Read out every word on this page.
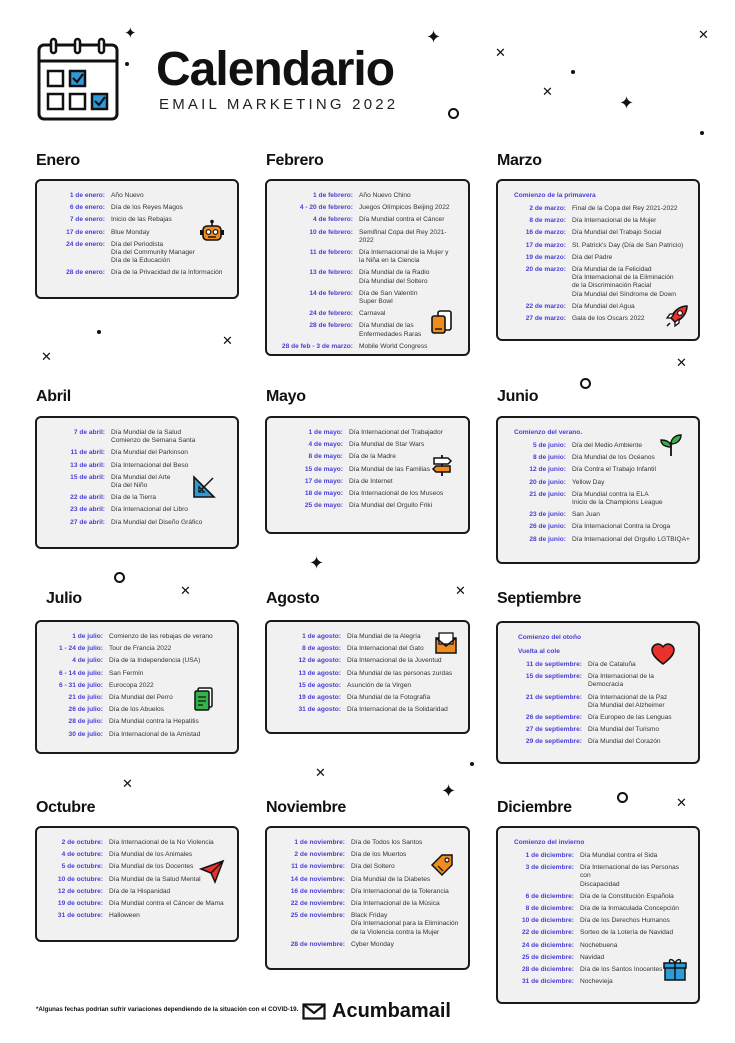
✦	✦
✕
✕
✕
✦
✕
✕	✕
✦
✕	✕
✕
✕
✦
✕
Calendario
EMAIL MARKETING 2022
Enero
1 de enero: Año Nuevo
6 de enero: Día de los Reyes Magos
7 de enero: Inicio de las Rebajas
17 de enero: Blue Monday
24 de enero: Día del Periodista
Día del Community Manager
Día de la Educación
28 de enero: Día de la Privacidad de la Información
Febrero
1 de febrero: Año Nuevo Chino
4 - 20 de febrero: Juegos Olímpicos Beijing 2022
4 de febrero: Día Mundial contra el Cáncer
10 de febrero: Semifinal Copa del Rey 2021-2022
11 de febrero: Día Internacional de la Mujer y
la Niña en la Ciencia
13 de febrero: Día Mundial de la Radio
Día Mundial del Soltero
14 de febrero: Día de San Valentín
Super Bowl
24 de febrero: Carnaval
28 de febrero: Día Mundial de las
Enfermedades Raras
28 de feb - 3 de marzo: Mobile World Congress
Marzo
Comienzo de la primavera
2 de marzo: Final de la Copa del Rey 2021-2022
8 de marzo: Día Internacional de la Mujer
16 de marzo: Día Mundial del Trabajo Social
17 de marzo: St. Patrick's Day (Día de San Patricio)
19 de marzo: Día del Padre
20 de marzo: Día Mundial de la Felicidad
Día Internacional de la Eliminación
de la Discriminación Racial
Día Mundial del Síndrome de Down
22 de marzo: Día Mundial del Agua
27 de marzo: Gala de los Oscars 2022
Abril
7 de abril: Día Mundial de la Salud
Comienzo de Semana Santa
11 de abril: Día Mundial del Parkinson
13 de abril: Día Internacional del Beso
15 de abril: Día Mundial del Arte
Día del Niño
22 de abril: Día de la Tierra
23 de abril: Día Internacional del Libro
27 de abril: Día Mundial del Diseño Gráfico
Mayo
1 de mayo: Día Internacional del Trabajador
4 de mayo: Día Mundial de Star Wars
8 de mayo: Día de la Madre
15 de mayo: Día Mundial de las Familias
17 de mayo: Día de Internet
18 de mayo: Día Internacional de los Museos
25 de mayo: Día Mundial del Orgullo Friki
Junio
Comienzo del verano.
5 de junio: Día del Medio Ambiente
8 de junio: Día Mundial de los Océanos
12 de junio: Día Contra el Trabajo Infantil
20 de junio: Yellow Day
21 de junio: Día Mundial contra la ELA
Inicio de la Champions League
23 de junio: San Juan
26 de junio: Día Internacional Contra la Droga
28 de junio: Día Internacional del Orgullo LGTBIQA+
Julio
1 de julio: Comienzo de las rebajas de verano
1 - 24 de julio: Tour de Francia 2022
4 de julio: Día de la Independencia (USA)
6 - 14 de julio: San Fermín
6 - 31 de julio: Eurocopa 2022
21 de julio: Día Mundial del Perro
26 de julio: Día de los Abuelos
28 de julio: Día Mundial contra la Hepatitis
30 de julio: Día Internacional de la Amistad
Agosto
1 de agosto: Día Mundial de la Alegría
8 de agosto: Día Internacional del Gato
12 de agosto: Día Internacional de la Juventud
13 de agosto: Día Mundial de las personas zurdas
15 de agosto: Asunción de la Virgen
19 de agosto: Día Mundial de la Fotografía
31 de agosto: Día Internacional de la Solidaridad
Septiembre
Comienzo del otoño

Vuelta al cole
11 de septiembre: Día de Cataluña
15 de septiembre: Día Internacional de la Democracia
21 de septiembre: Día Internacional de la Paz
Día Mundial del Alzheimer
26 de septiembre: Día Europeo de las Lenguas
27 de septiembre: Día Mundial del Turismo
29 de septiembre: Día Mundial del Corazón
Octubre
2 de octubre: Día Internacional de la No Violencia
4 de octubre: Día Mundial de los Animales
5 de octubre: Día Mundial de los Docentes
10 de octubre: Día Mundial de la Salud Mental
12 de octubre: Día de la Hispanidad
19 de octubre: Día Mundial contra el Cáncer de Mama
31 de octubre: Halloween
Noviembre
1 de noviembre: Día de Todos los Santos
2 de noviembre: Día de los Muertos
11 de noviembre: Día del Soltero
14 de noviembre: Día Mundial de la Diabetes
16 de noviembre: Día Internacional de la Tolerancia
22 de noviembre: Día Internacional de la Música
25 de noviembre: Black Friday
Día Internacional para la Eliminación
de la Violencia contra la Mujer
28 de noviembre: Cyber Monday
Diciembre
Comienzo del invierno
1 de diciembre: Día Mundial contra el Sida
3 de diciembre: Día Internacional de las Personas con
Discapacidad
6 de diciembre: Día de la Constitución Española
8 de diciembre: Día de la Inmaculada Concepción
10 de diciembre: Día de los Derechos Humanos
22 de diciembre: Sorteo de la Lotería de Navidad
24 de diciembre: Nochebuena
25 de diciembre: Navidad
28 de diciembre: Día de los Santos Inocentes
31 de diciembre: Nochevieja
*Algunas fechas podrían sufrir variaciones dependiendo de la situación con el COVID-19. Acumbamail
